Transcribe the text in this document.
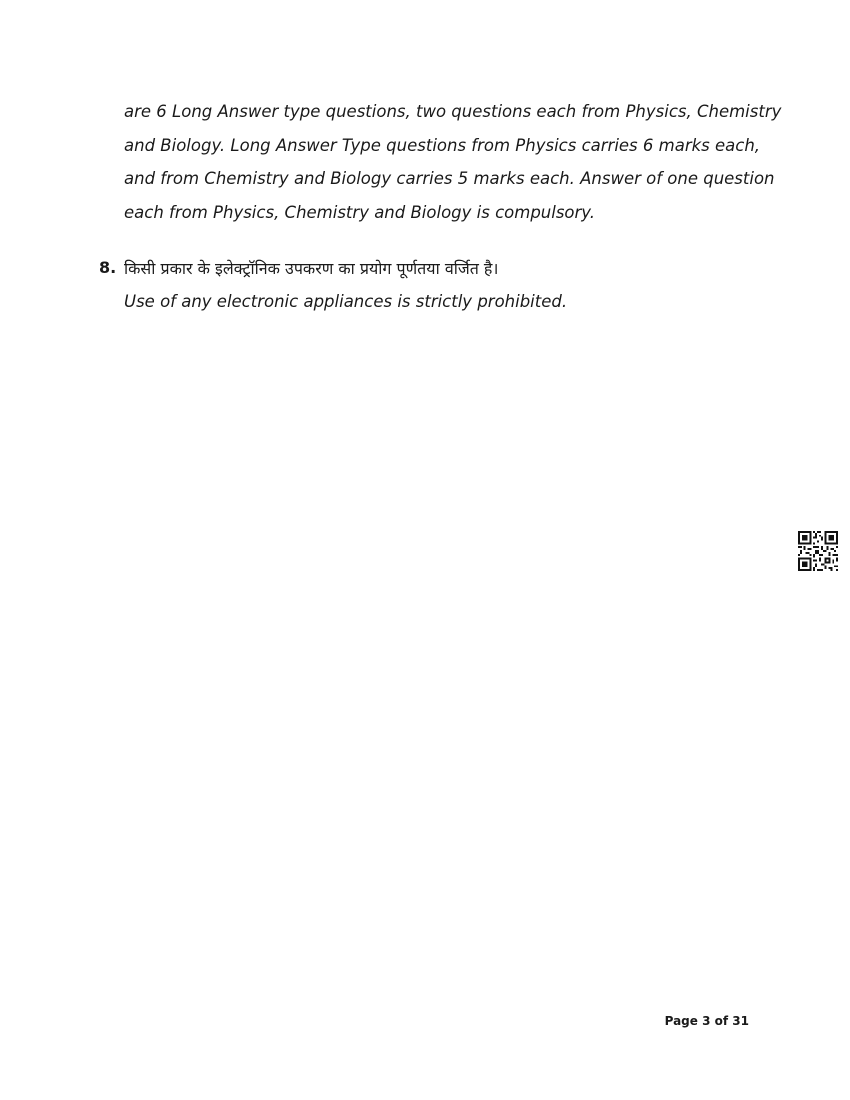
are 6 Long Answer type questions, two questions each from Physics, Chemistry
and Biology. Long Answer Type questions from Physics carries 6 marks each,
and from Chemistry and Biology carries 5 marks each. Answer of one question
each from Physics, Chemistry and Biology is compulsory.
8. किसी प्रकार के इलेक्ट्रॉनिक उपकरण का प्रयोग पूर्णतया वर्जित है।
Use of any electronic appliances is strictly prohibited.
Page 3 of 31
